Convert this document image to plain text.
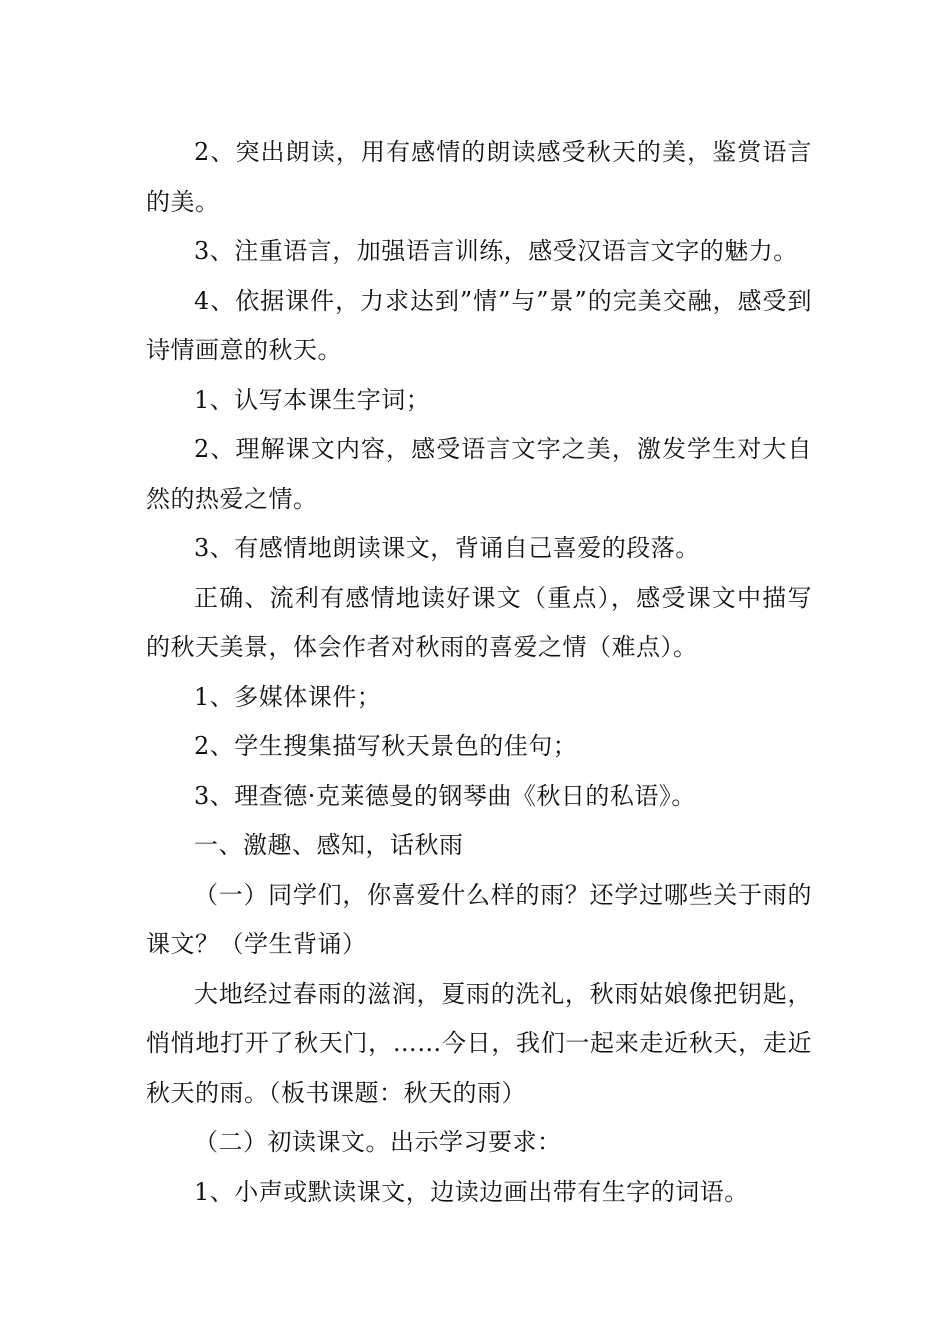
2、突出朗读，用有感情的朗读感受秋天的美，鉴赏语言的美。

3、注重语言，加强语言训练，感受汉语言文字的魅力。

4、依据课件，力求达到”情”与”景”的完美交融，感受到诗情画意的秋天。

1、认写本课生字词；

2、理解课文内容，感受语言文字之美，激发学生对大自然的热爱之情。

3、有感情地朗读课文，背诵自己喜爱的段落。

正确、流利有感情地读好课文（重点），感受课文中描写的秋天美景，体会作者对秋雨的喜爱之情（难点）。

1、多媒体课件；

2、学生搜集描写秋天景色的佳句；

3、理查德·克莱德曼的钢琴曲《秋日的私语》。

一、激趣、感知，话秋雨

（一）同学们，你喜爱什么样的雨？还学过哪些关于雨的课文？（学生背诵）

大地经过春雨的滋润，夏雨的洗礼，秋雨姑娘像把钥匙，悄悄地打开了秋天门，……今日，我们一起来走近秋天，走近秋天的雨。（板书课题：秋天的雨）

（二）初读课文。出示学习要求：

1、小声或默读课文，边读边画出带有生字的词语。
